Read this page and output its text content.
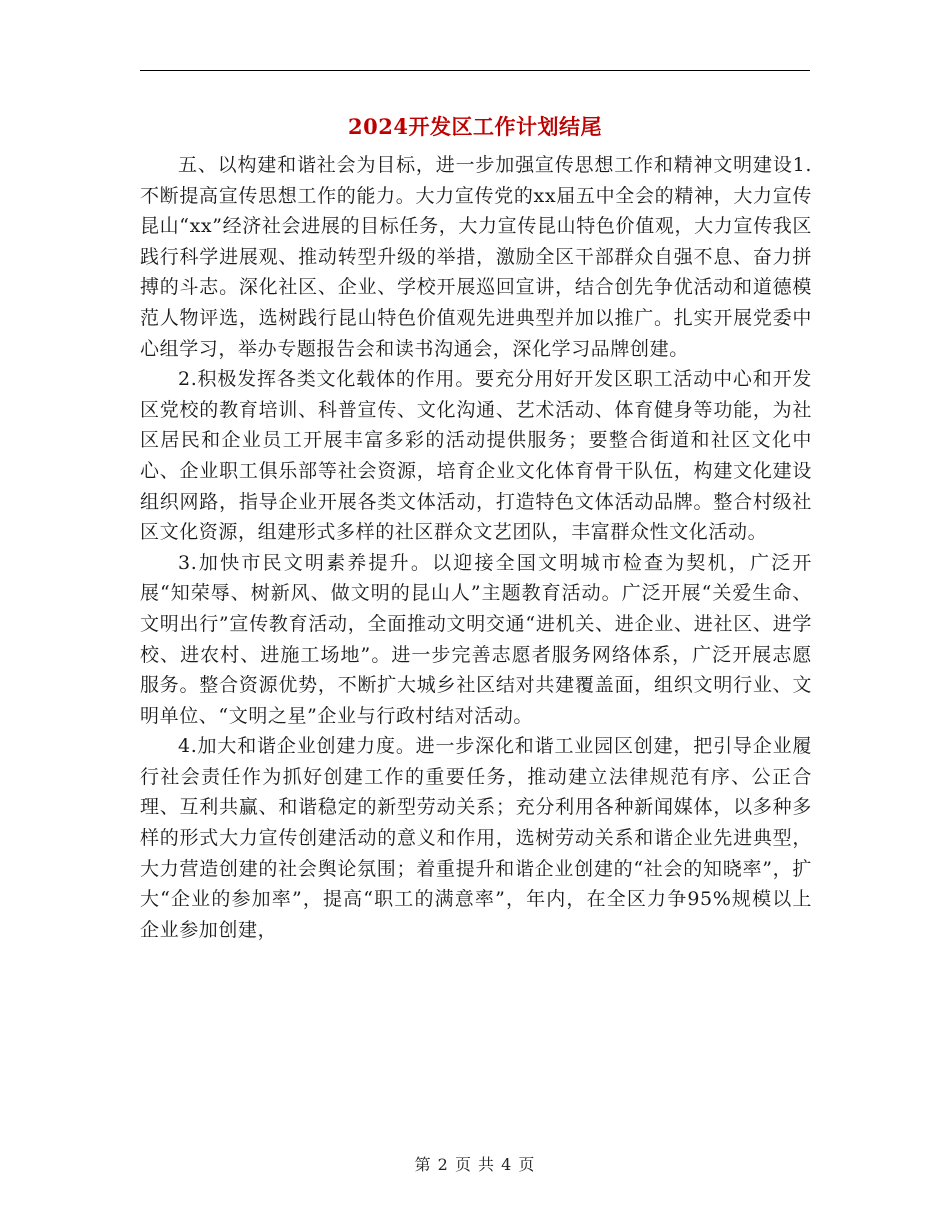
2024开发区工作计划结尾

五、以构建和谐社会为目标，进一步加强宣传思想工作和精神文明建设1.不断提高宣传思想工作的能力。大力宣传党的xx届五中全会的精神，大力宣传昆山“xx”经济社会进展的目标任务，大力宣传昆山特色价值观，大力宣传我区践行科学进展观、推动转型升级的举措，激励全区干部群众自强不息、奋力拼搏的斗志。深化社区、企业、学校开展巡回宣讲，结合创先争优活动和道德模范人物评选，选树践行昆山特色价值观先进典型并加以推广。扎实开展党委中心组学习，举办专题报告会和读书沟通会，深化学习品牌创建。

2.积极发挥各类文化载体的作用。要充分用好开发区职工活动中心和开发区党校的教育培训、科普宣传、文化沟通、艺术活动、体育健身等功能，为社区居民和企业员工开展丰富多彩的活动提供服务；要整合街道和社区文化中心、企业职工俱乐部等社会资源，培育企业文化体育骨干队伍，构建文化建设组织网路，指导企业开展各类文体活动，打造特色文体活动品牌。整合村级社区文化资源，组建形式多样的社区群众文艺团队，丰富群众性文化活动。

3.加快市民文明素养提升。以迎接全国文明城市检查为契机，广泛开展“知荣辱、树新风、做文明的昆山人”主题教育活动。广泛开展“关爱生命、文明出行”宣传教育活动，全面推动文明交通“进机关、进企业、进社区、进学校、进农村、进施工场地”。进一步完善志愿者服务网络体系，广泛开展志愿服务。整合资源优势，不断扩大城乡社区结对共建覆盖面，组织文明行业、文明单位、“文明之星”企业与行政村结对活动。

4.加大和谐企业创建力度。进一步深化和谐工业园区创建，把引导企业履行社会责任作为抓好创建工作的重要任务，推动建立法律规范有序、公正合理、互利共赢、和谐稳定的新型劳动关系；充分利用各种新闻媒体，以多种多样的形式大力宣传创建活动的意义和作用，选树劳动关系和谐企业先进典型，大力营造创建的社会舆论氛围；着重提升和谐企业创建的“社会的知晓率”，扩大“企业的参加率”，提高“职工的满意率”，年内，在全区力争95%规模以上企业参加创建，

第 2 页 共 4 页
